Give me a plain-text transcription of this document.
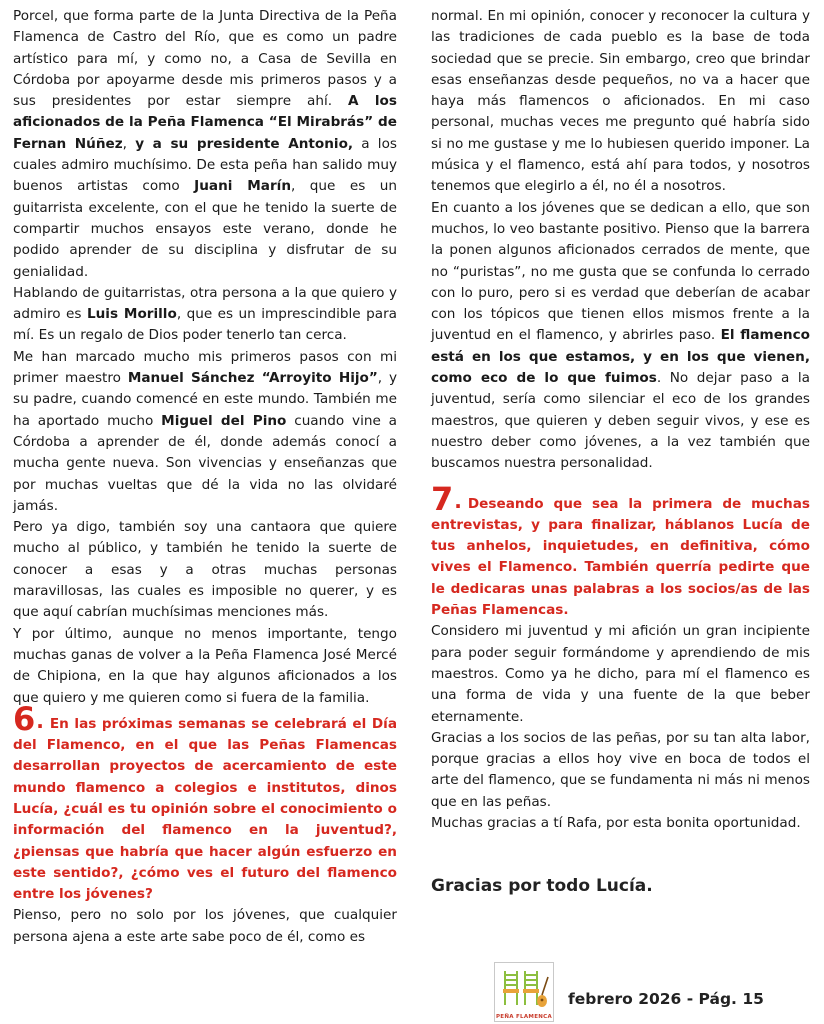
Porcel, que forma parte de la Junta Directiva de la Peña Flamenca de Castro del Río, que es como un padre artístico para mí, y como no, a Casa de Sevilla en Córdoba por apoyarme desde mis primeros pasos y a sus presidentes por estar siempre ahí. A los aficionados de la Peña Flamenca “El Mirabrás” de Fernan Núñez, y a su presidente Antonio, a los cuales admiro muchísimo. De esta peña han salido muy buenos artistas como Juani Marín, que es un guitarrista excelente, con el que he tenido la suerte de compartir muchos ensayos este verano, donde he podido aprender de su disciplina y disfrutar de su genialidad.

Hablando de guitarristas, otra persona a la que quiero y admiro es Luis Morillo, que es un imprescindible para mí. Es un regalo de Dios poder tenerlo tan cerca.

Me han marcado mucho mis primeros pasos con mi primer maestro Manuel Sánchez “Arroyito Hijo”, y su padre, cuando comencé en este mundo. También me ha aportado mucho Miguel del Pino cuando vine a Córdoba a aprender de él, donde además conocí a mucha gente nueva. Son vivencias y enseñanzas que por muchas vueltas que dé la vida no las olvidaré jamás.

Pero ya digo, también soy una cantaora que quiere mucho al público, y también he tenido la suerte de conocer a esas y a otras muchas personas maravillosas, las cuales es imposible no querer, y es que aquí cabrían muchísimas menciones más.

Y por último, aunque no menos importante, tengo muchas ganas de volver a la Peña Flamenca José Mercé de Chipiona, en la que hay algunos aficionados a los que quiero y me quieren como si fuera de la familia.

6 . En las próximas semanas se celebrará el Día del Flamenco, en el que las Peñas Flamencas desarrollan proyectos de acercamiento de este mundo flamenco a colegios e institutos, dinos Lucía, ¿cuál es tu opinión sobre el conocimiento o información del flamenco en la juventud?, ¿piensas que habría que hacer algún esfuerzo en este sentido?, ¿cómo ves el futuro del flamenco entre los jóvenes?

Pienso, pero no solo por los jóvenes, que cualquier persona ajena a este arte sabe poco de él, como es

normal. En mi opinión, conocer y reconocer la cultura y las tradiciones de cada pueblo es la base de toda sociedad que se precie. Sin embargo, creo que brindar esas enseñanzas desde pequeños, no va a hacer que haya más flamencos o aficionados. En mi caso personal, muchas veces me pregunto qué habría sido si no me gustase y me lo hubiesen querido imponer. La música y el flamenco, está ahí para todos, y nosotros tenemos que elegirlo a él, no él a nosotros.

En cuanto a los jóvenes que se dedican a ello, que son muchos, lo veo bastante positivo. Pienso que la barrera la ponen algunos aficionados cerrados de mente, que no “puristas”, no me gusta que se confunda lo cerrado con lo puro, pero si es verdad que deberían de acabar con los tópicos que tienen ellos mismos frente a la juventud en el flamenco, y abrirles paso. El flamenco está en los que estamos, y en los que vienen, como eco de lo que fuimos. No dejar paso a la juventud, sería como silenciar el eco de los grandes maestros, que quieren y deben seguir vivos, y ese es nuestro deber como jóvenes, a la vez también que buscamos nuestra personalidad.

7 . Deseando que sea la primera de muchas entrevistas, y para finalizar, háblanos Lucía de tus anhelos, inquietudes, en definitiva, cómo vives el Flamenco. También querría pedirte que le dedicaras unas palabras a los socios/as de las Peñas Flamencas.

Considero mi juventud y mi afición un gran incipiente para poder seguir formándome y aprendiendo de mis maestros. Como ya he dicho, para mí el flamenco es una forma de vida y una fuente de la que beber eternamente.

Gracias a los socios de las peñas, por su tan alta labor, porque gracias a ellos hoy vive en boca de todos el arte del flamenco, que se fundamenta ni más ni menos que en las peñas.

Muchas gracias a tí Rafa, por esta bonita oportunidad.

Gracias por todo Lucía.
PEÑA FLAMENCA
febrero 2026 - Pág. 15
